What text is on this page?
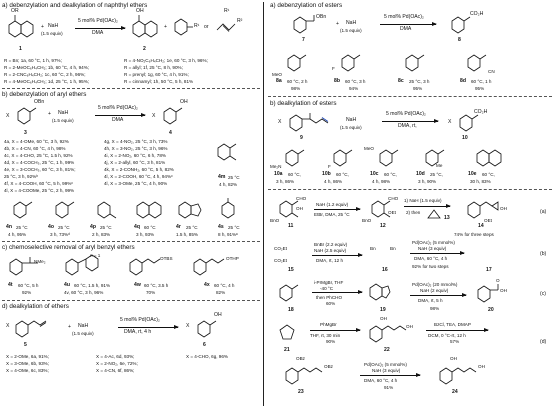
a) debenzylation and dealkylation of naphthyl ethers
OR
1
+ NaH
(1.5 equiv)
5 mol% Pd(OAc)₂
DMA
OH
2
+	R¹ or
R¹
R²
R = Bn; 1a, 60 °C, 1 h, 97%;
R = 2-MeOC₆H₄CH₂; 1b, 60 °C, 4 h, 94%;
R = 2-CNC₆H₄CH₂; 1c, 60 °C, 2 h, 96%;
R = 4-MeOC₆H₄CH₂; 1d, 25 °C, 1 h, 95%;
R = 4-NO₂C₆H₄CH₂; 1e, 60 °C, 3 h, 96%;
R = allyl; 1f, 25 °C, 8 h, 90%;
R = prenyl; 1g, 60 °C, 4 h, 91%;
R = cinnamyl; 1h, 50 °C, 5 h, 81%
b) debenzylation of aryl ethers
X
OBn
3
+ NaH
(1.5 equiv)
5 mol% Pd(OAc)₂
DMA
X
OH
4
4a, X = 4-OMe, 60 °C, 3 h, 92%
4b, X = 4-CN, 60 °C, 4 h, 98%
4c, X = 4-CHO, 25 °C, 1.5 h, 92%
4d, X = 4-COCH₃, 25 °C, 1 h, 99%
4e, X = 3-COCH₃, 60 °C, 3 h, 81%;
25 °C, 3 h, 92%ᵇ
4f, X = 4-COOH, 60 °C, 5 h, 99%ᶜ
4l, X = 4-COOMe, 25 °C, 2 h, 99%
4g, X = 4-NO₂, 25 °C, 3 h, 73%
4h, X = 3-NO₂, 25 °C, 3 h, 96%
4i, X = 2-NO₂, 60 °C, 6 h, 78%
4j, X = 2-allyl, 60 °C, 3 h, 81%
4k, X = 2-CONH₂, 60 °C, 5 h, 82%
4l, X = 2-COOH, 60 °C, 4 h, 94%ᶜ
4l, X = 3-OMe, 25 °C, 4 h, 90%
4m 25 °C
4 h, 82%
4n 25 °C
4 h, 95%
4o 25 °C
3 h, 73%ᵈ
4p 25 °C
2 h, 83%
4q 60 °C
3 h, 93%
4r 25 °C
1.5 h, 85%
4s 25 °C
8 h, 91%ᵉ
c) chemoselective removal of aryl benzyl ethers
NMe₂
4t 60 °C, 5 h
92%
n = 1
4u 60 °C, 1.5 h, 91%
4v, 60 °C, 3 h, 96%
OTBS
4w 60 °C, 3.5 h
70%
OTHP
4x 60 °C, 4 h
82%
d) dealkylation of ethers
X
5
+ NaH
(1.5 equiv)
5 mol% Pd(OAc)₂
DMA, rt, 4 h
X
OH
6
X = 2-OMe, 6a, 91%;
X = 3-OMe, 6b, 93%;
X = 4-OMe, 6c, 83%;
X = 4-Ac, 6d, 93%;
X = 2-NO₂, 6e, 72%;
X = 4-CN, 6f, 86%;
X = 4-CHO, 6g, 96%
a) debenzylation of esters
OBn
7
+ NaH
(1.5 equiv)
5 mol% Pd(OAc)₂
DMA
CO₂H
8
MeO
F
CN
8a 60 °C, 2 h
98%
8b 60 °C, 3 h
94%
8c 25 °C, 3 h
95%
8d 60 °C, 1 h
95%
b) dealkylation of esters
X
9
NaH
(1.5 equiv)
5 mol% Pd(OAc)₂
DMA, rt,
X
CO₂H
10
Me₂N	F
MeO
Me
10a 60 °C,
3 h, 86%
10b 60 °C,
4 h, 86%
10c 60 °C,
4 h, 98%
10d 25 °C,
3 h, 90%
10e 60 °C,
30 h, 83%
OH
CHO
BnO
11
NaH (1.2 equiv)
EtBr, DMA, 25 °C
CHO
OEt
BnO
12
1) NaH (1.5 equiv)
2) then
13
OH
OEt
14
74% for three steps
(a)
CO₂Et
CO₂Et
15
BnBr (2.2 equiv)
NaH (2.5 equiv)
DMA, rt, 12 h
Bn	Bn
16
Pd(OAc)₂ (5 mmol%)
NaH (3 equiv)
DMA, 60 °C, 4 h
17
92% for two steps
(b)
18
i-PrMgBr, THF
-40 °C
then PhCHO
60%
19
Pd(OAc)₂ (20 mmol%)
NaH (2 equiv)
DMA, rt, 5 h
OH
O
20
98%
(c)
21
PhMgBr
THF, rt, 30 min
90%
OH
OH
22
BzCl, TEA, DMAP
DCM, 0 °C-rt, 12 h
57%	(d)
OBz
OBz
23
Pd(OAc)₂ (5 mmol%)
NaH (3 equiv)
DMA, 60 °C, 4 h
91%
OH
OH
24
